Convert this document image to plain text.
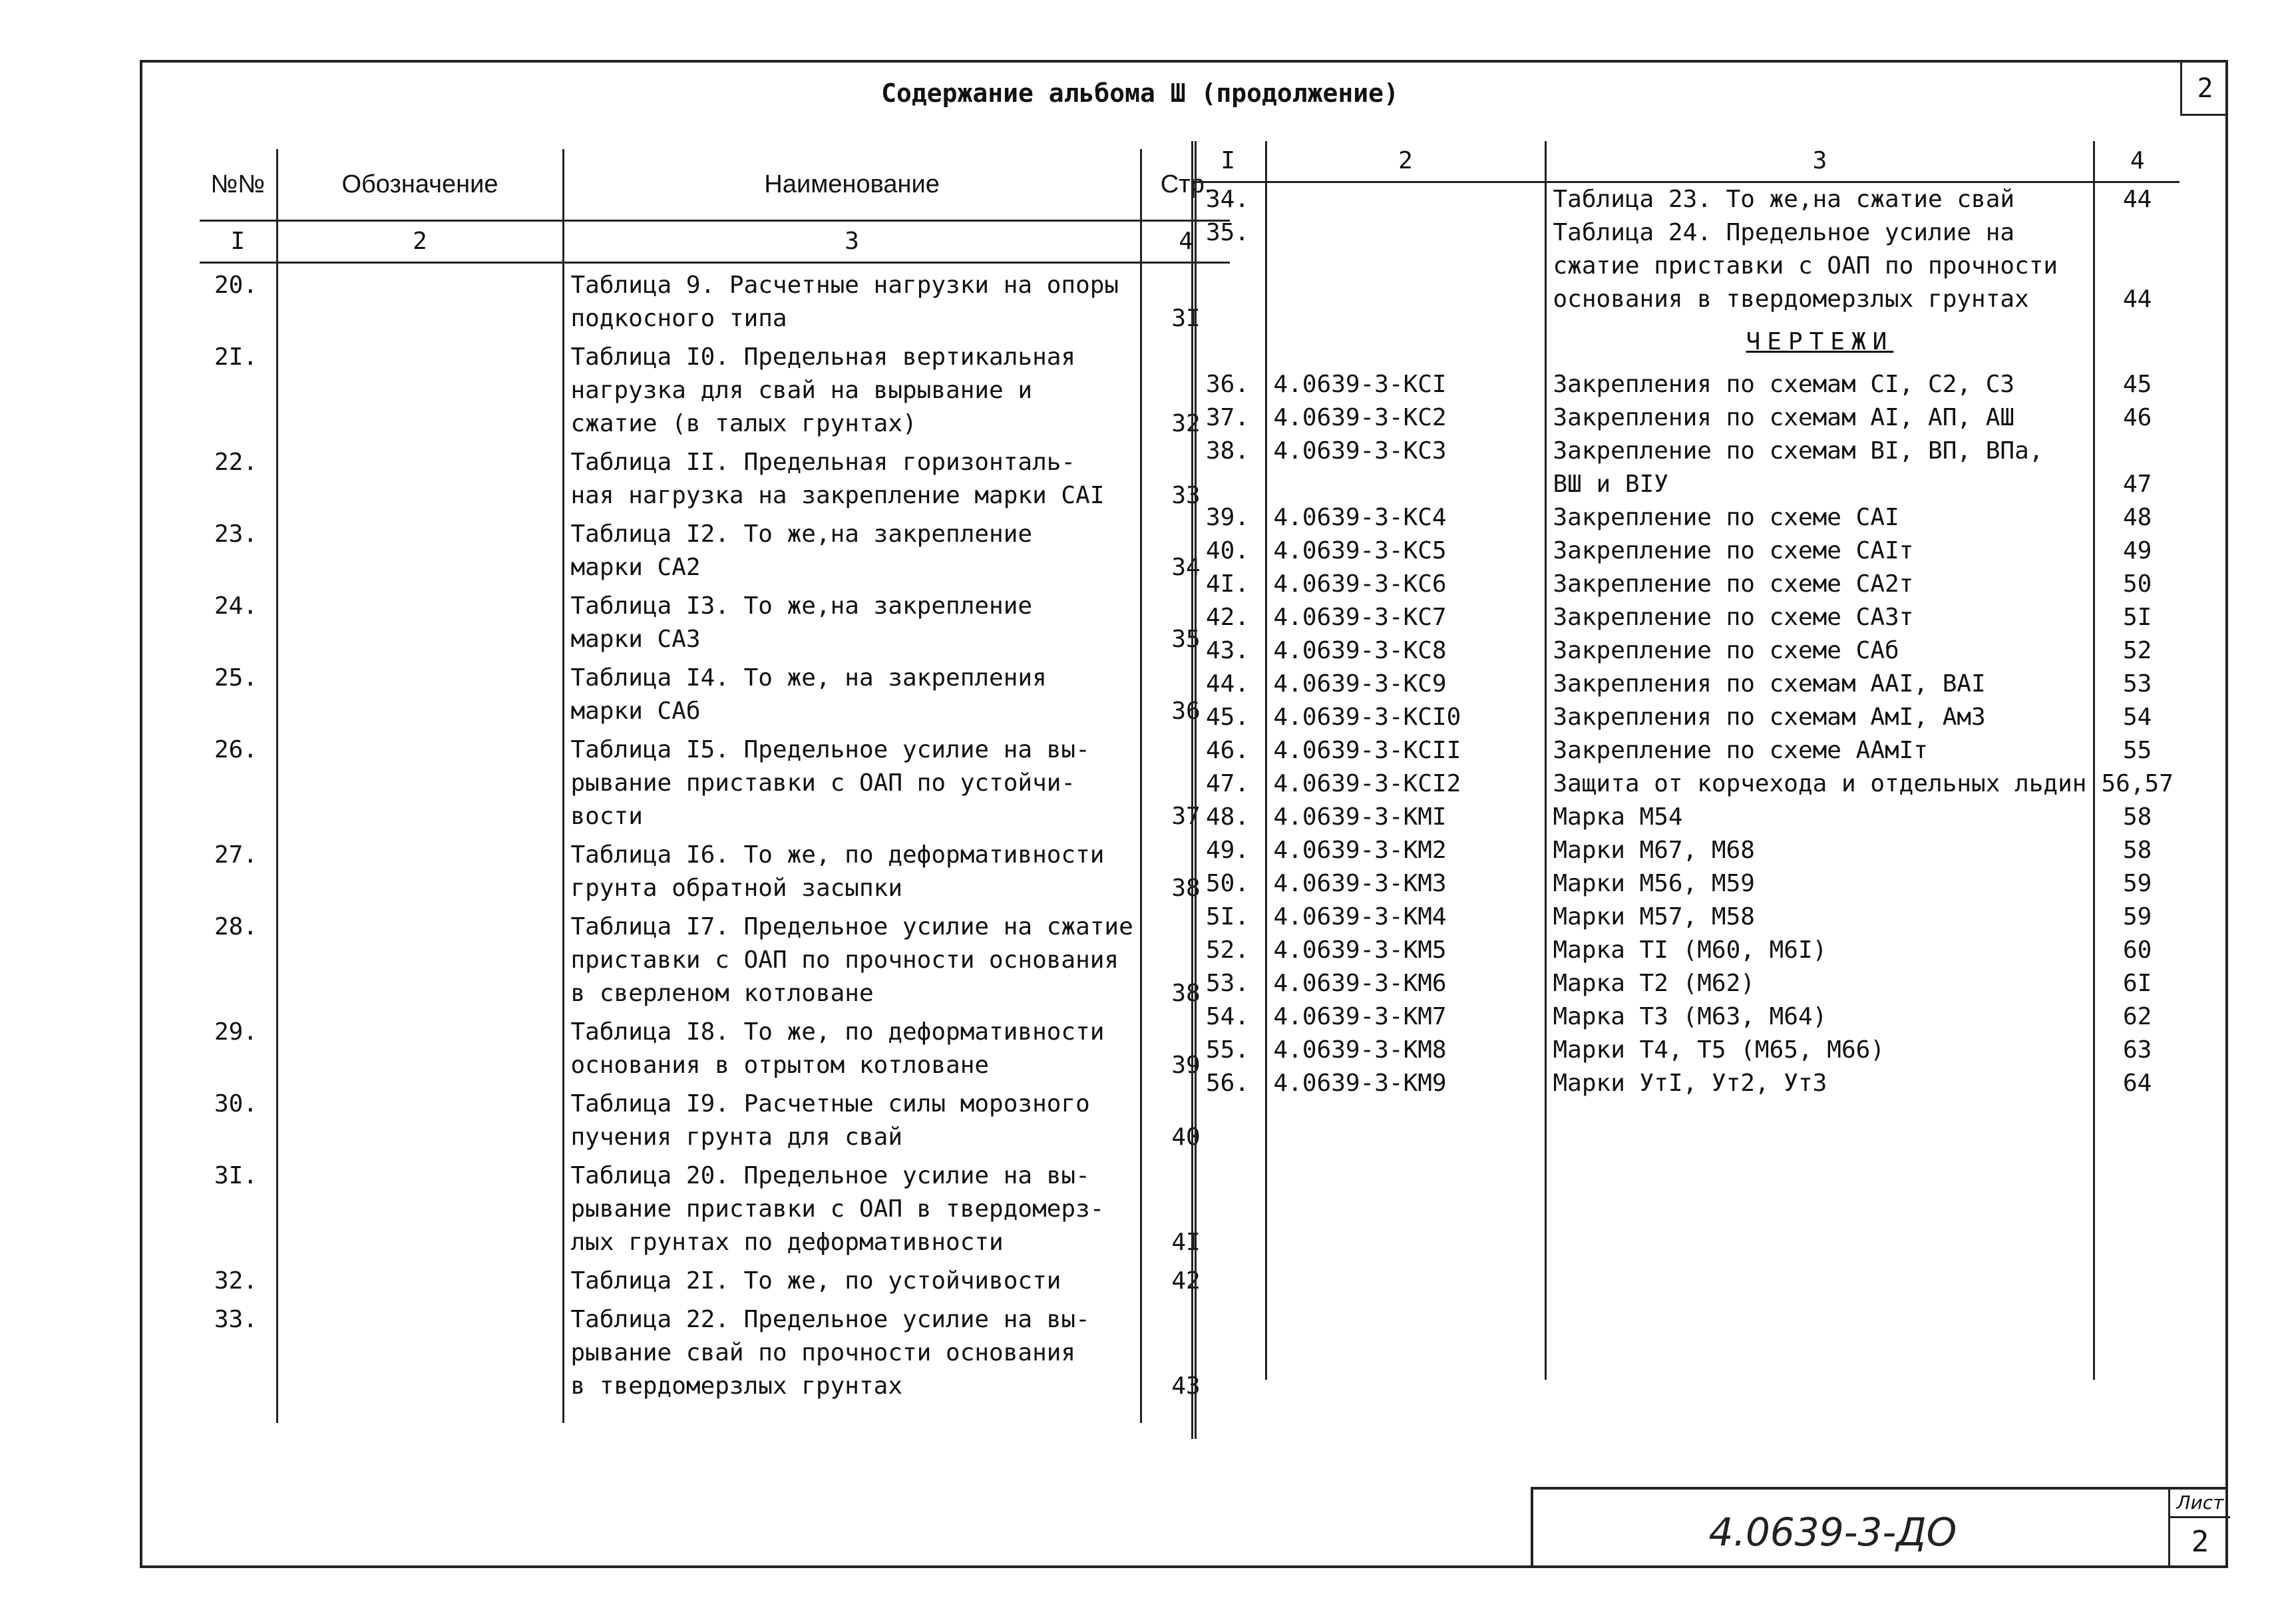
2
Содержание альбома Ш (продолжение)
№№	Обозначение	Наименование	Стр.
I	2	3	4
20.		Таблица 9. Расчетные нагрузки на опоры
подкосного типа	3I

2I.		Таблица I0. Предельная вертикальная
нагрузка для свай на вырывание и
сжатие (в талых грунтах)	32

22.		Таблица II. Предельная горизонталь-
ная нагрузка на закрепление марки САI	33

23.		Таблица I2. То же,на закрепление
марки СА2	34

24.		Таблица I3. То же,на закрепление
марки СА3	35

25.		Таблица I4. То же, на закрепления
марки САб	36

26.		Таблица I5. Предельное усилие на вы-
рывание приставки с ОАП по устойчи-
вости	37

27.		Таблица I6. То же, по деформативности
грунта обратной засыпки	38

28.		Таблица I7. Предельное усилие на сжатие
приставки с ОАП по прочности основания
в сверленом котловане	38

29.		Таблица I8. То же, по деформативности
основания в отрытом котловане	39

30.		Таблица I9. Расчетные силы морозного
пучения грунта для свай	40

3I.		Таблица 20. Предельное усилие на вы-
рывание приставки с ОАП в твердомерз-
лых грунтах по деформативности	4I

32.		Таблица 2I. То же, по устойчивости	42

33.		Таблица 22. Предельное усилие на вы-
рывание свай по прочности основания
в твердомерзлых грунтах	43

I	2	3	4
34.		Таблица 23. То же,на сжатие свай	44

35.		Таблица 24. Предельное усилие на
сжатие приставки с ОАП по прочности
основания в твердомерзлых грунтах	44

		ЧЕРТЕЖИ	

36.	4.0639-3-КСI	Закрепления по схемам СI, С2, С3	45

37.	4.0639-3-КС2	Закрепления по схемам АI, АП, АШ	46

38.	4.0639-3-КС3	Закрепление по схемам ВI, ВП, ВПа,
ВШ и ВIУ	47

39.	4.0639-3-КС4	Закрепление по схеме САI	48

40.	4.0639-3-КС5	Закрепление по схеме САIт	49

4I.	4.0639-3-КС6	Закрепление по схеме СА2т	50

42.	4.0639-3-КС7	Закрепление по схеме САЗт	5I

43.	4.0639-3-КС8	Закрепление по схеме САб	52

44.	4.0639-3-КС9	Закрепления по схемам ААI, ВАI	53

45.	4.0639-3-КСI0	Закрепления по схемам АмI, Ам3	54

46.	4.0639-3-КСII	Закрепление по схеме ААмIт	55

47.	4.0639-3-КСI2	Защита от корчехода и отдельных льдин	56,57

48.	4.0639-3-КМI	Марка М54	58

49.	4.0639-3-КМ2	Марки М67, М68	58

50.	4.0639-3-КМ3	Марки М56, М59	59

5I.	4.0639-3-КМ4	Марки М57, М58	59

52.	4.0639-3-КМ5	Марка ТI (М60, М6I)	60

53.	4.0639-3-КМ6	Марка Т2 (М62)	6I

54.	4.0639-3-КМ7	Марка Т3 (М63, М64)	62

55.	4.0639-3-КМ8	Марки Т4, Т5 (М65, М66)	63

56.	4.0639-3-КМ9	Марки УтI, Ут2, Ут3	64

4.0639-3-ДО
Лист
2
